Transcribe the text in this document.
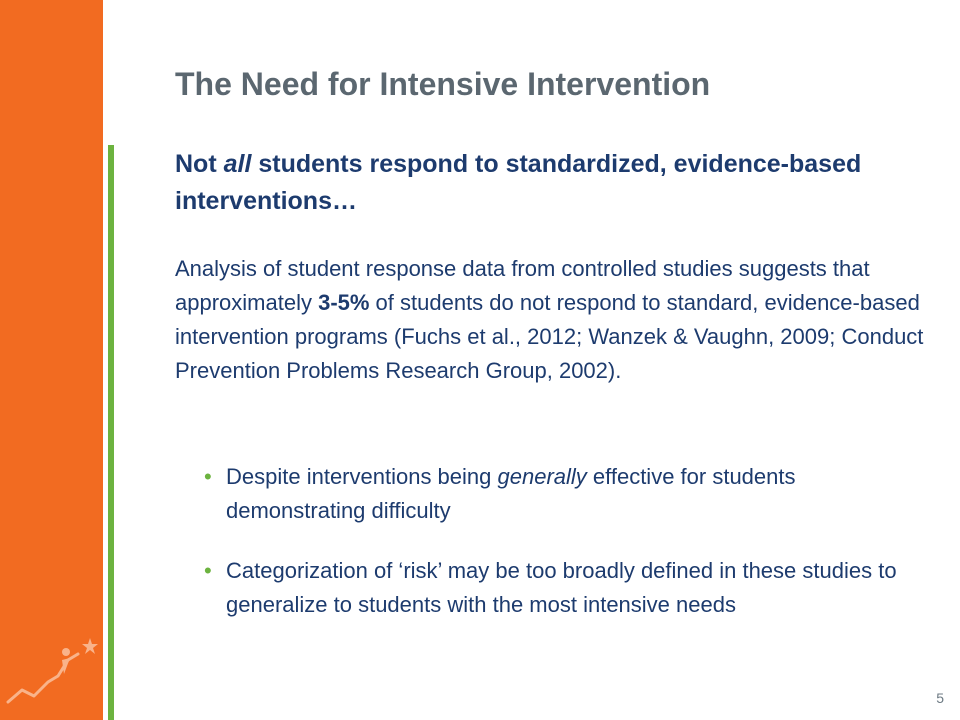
The Need for Intensive Intervention
Not all students respond to standardized, evidence-based interventions…

Analysis of student response data from controlled studies suggests that approximately 3-5% of students do not respond to standard, evidence-based intervention programs (Fuchs et al., 2012; Wanzek & Vaughn, 2009; Conduct Prevention Problems Research Group, 2002).

• Despite interventions being generally effective for students demonstrating difficulty
• Categorization of ‘risk’ may be too broadly defined in these studies to generalize to students with the most intensive needs
5
